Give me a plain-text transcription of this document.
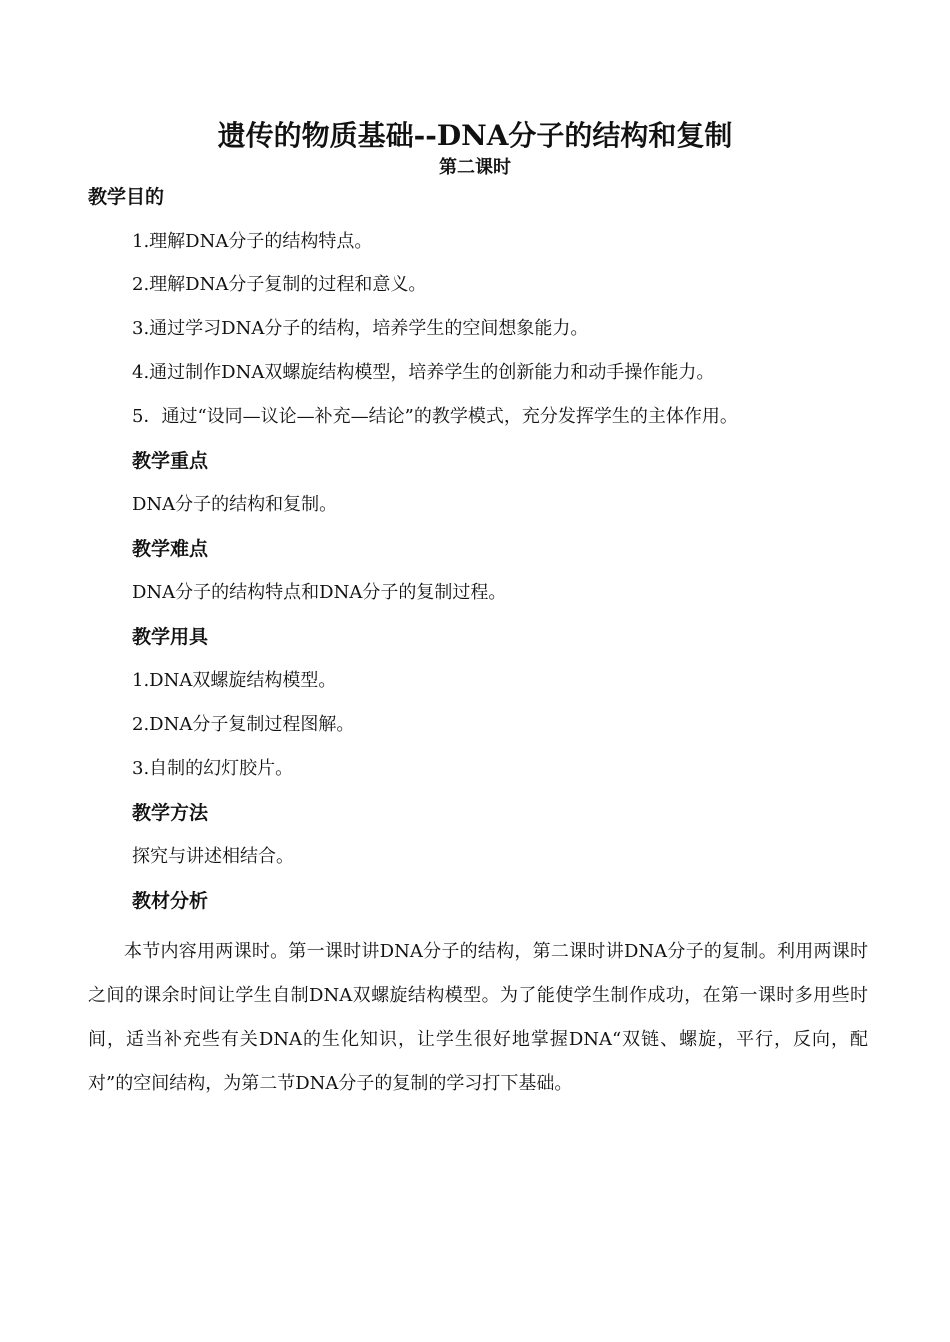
遗传的物质基础--DNA分子的结构和复制
第二课时
教学目的
1.理解DNA分子的结构特点。
2.理解DNA分子复制的过程和意义。
3.通过学习DNA分子的结构，培养学生的空间想象能力。
4.通过制作DNA双螺旋结构模型，培养学生的创新能力和动手操作能力。
5．通过“设同—议论—补充—结论”的教学模式，充分发挥学生的主体作用。
教学重点
DNA分子的结构和复制。
教学难点
DNA分子的结构特点和DNA分子的复制过程。
教学用具
1.DNA双螺旋结构模型。
2.DNA分子复制过程图解。
3.自制的幻灯胶片。
教学方法
探究与讲述相结合。
教材分析

本节内容用两课时。第一课时讲DNA分子的结构，第二课时讲DNA分子的复制。利用两课时之间的课余时间让学生自制DNA双螺旋结构模型。为了能使学生制作成功，在第一课时多用些时间，适当补充些有关DNA的生化知识，让学生很好地掌握DNA“双链、螺旋，平行，反向，配对”的空间结构，为第二节DNA分子的复制的学习打下基础。
